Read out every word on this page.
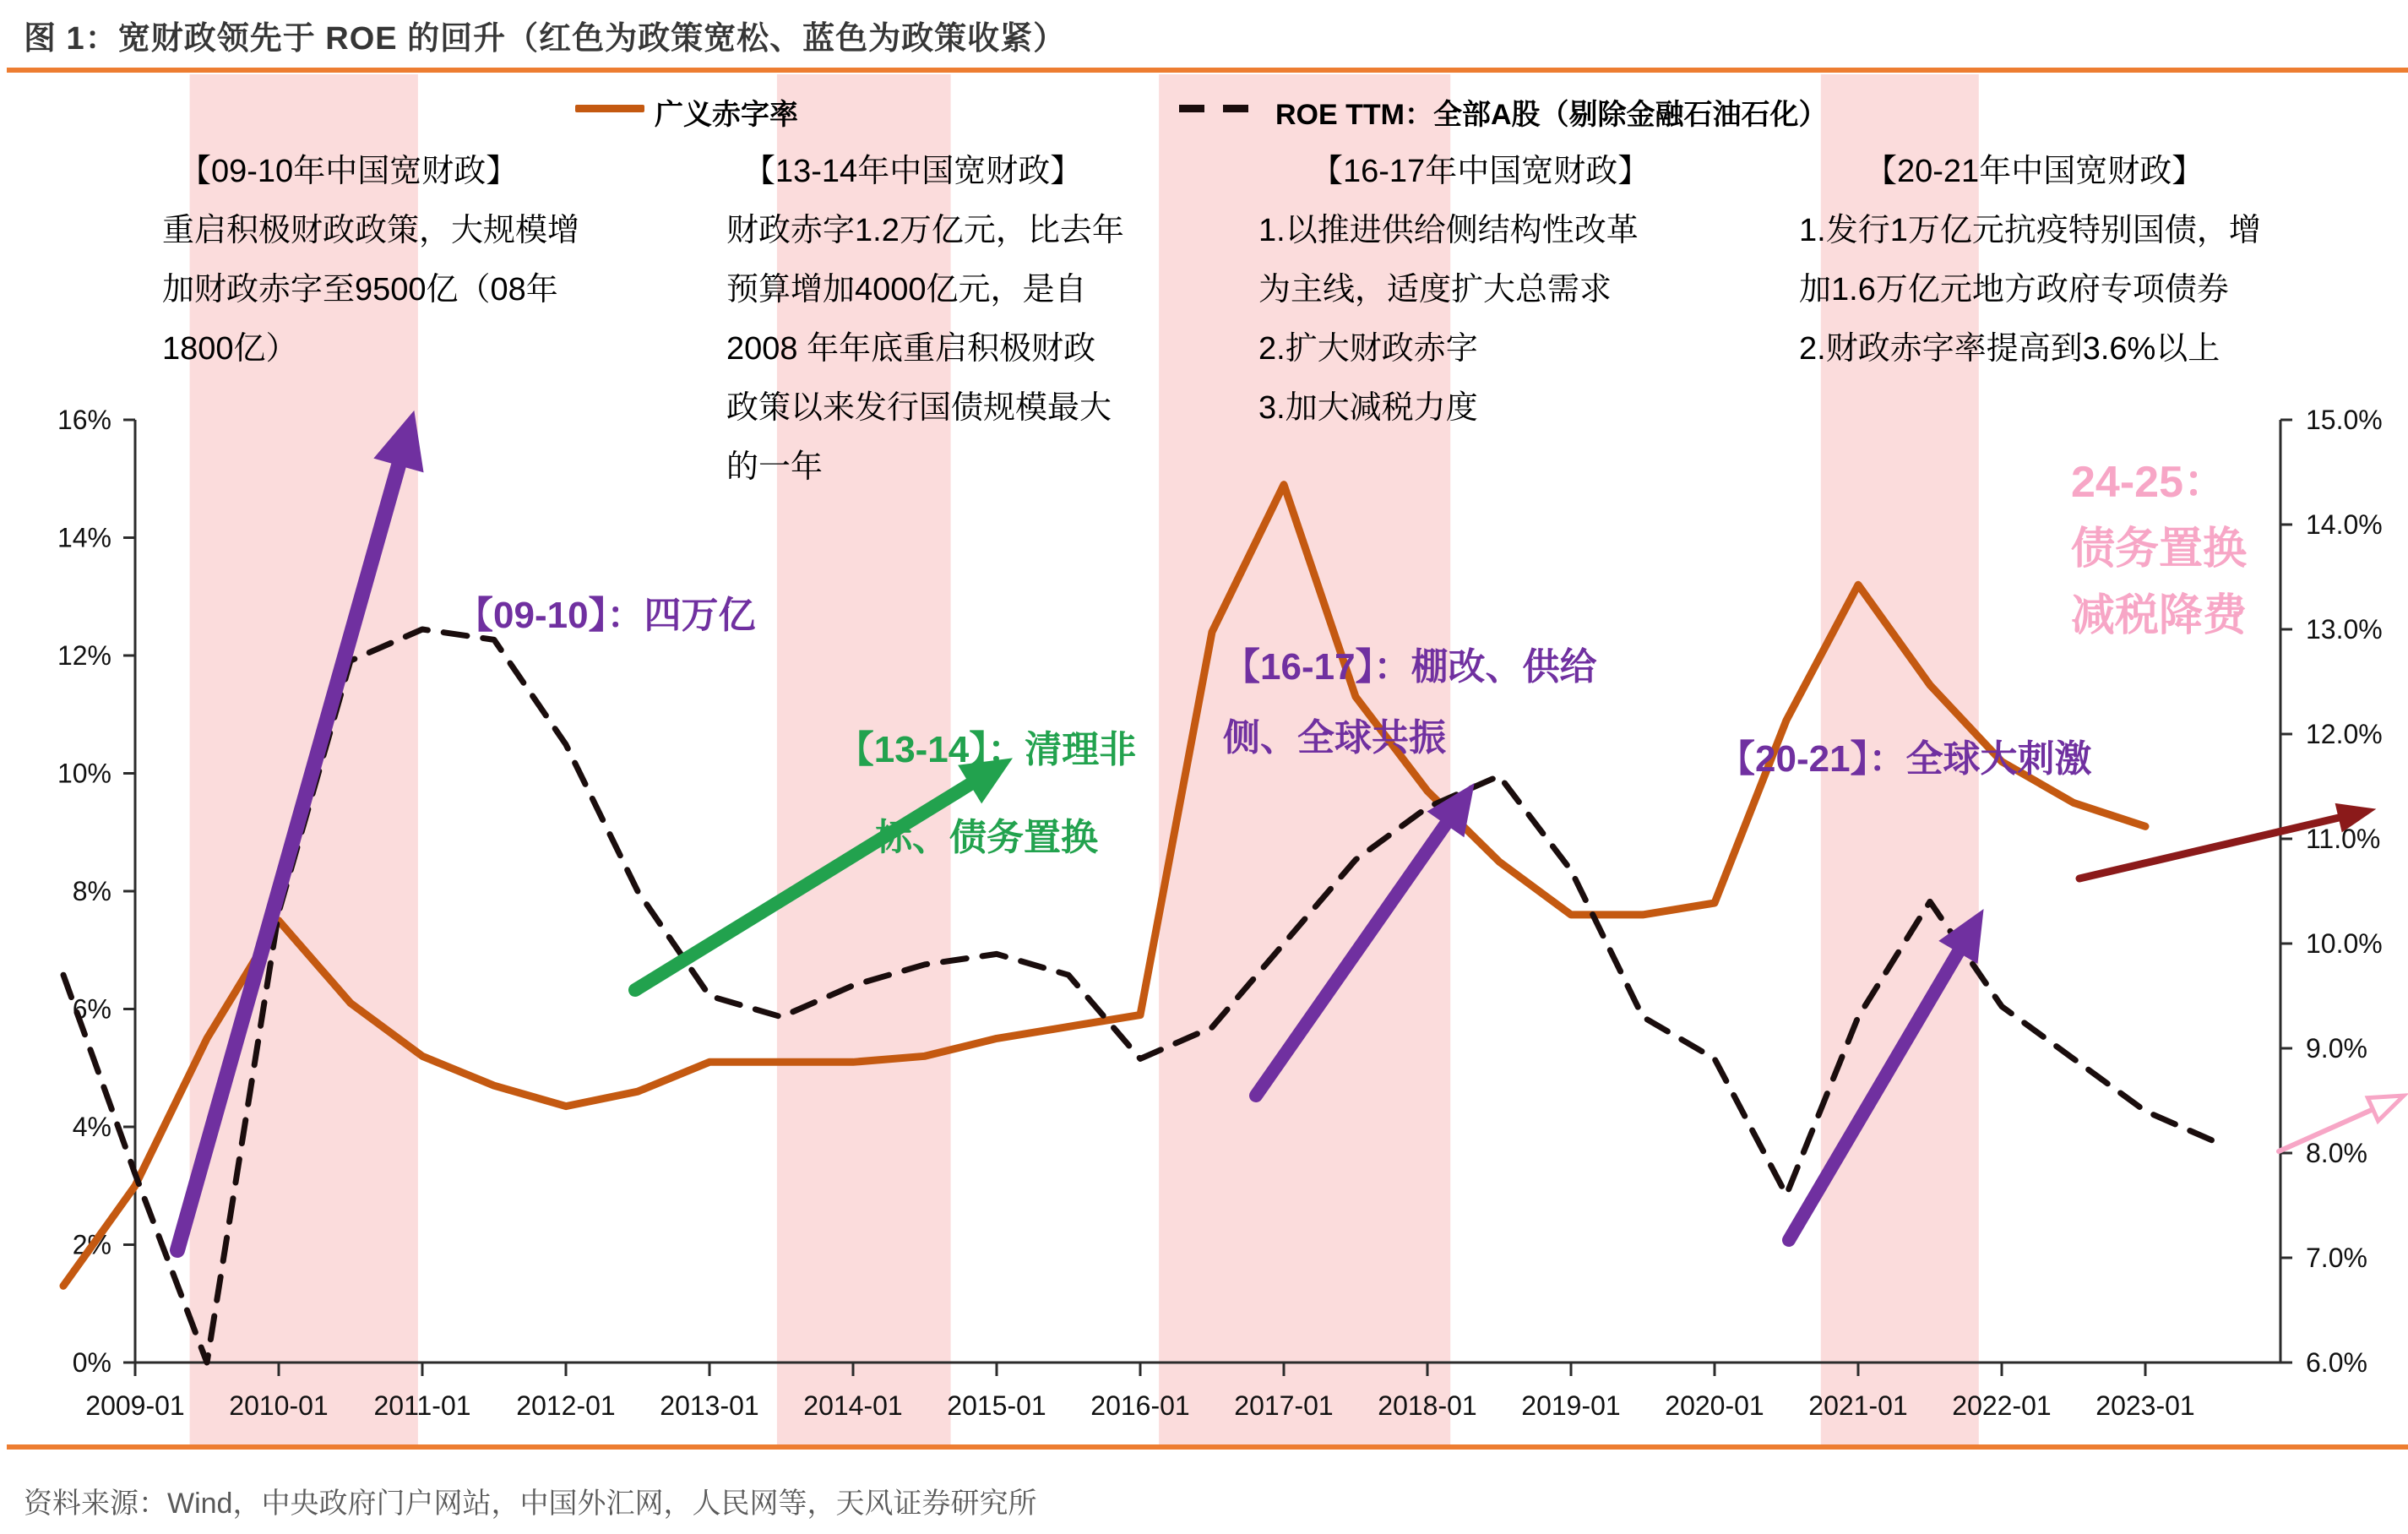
0%
2%
4%
6%
8%
10%
12%
14%
16%
6.0%
7.0%
8.0%
9.0%
10.0%
11.0%
12.0%
13.0%
14.0%
15.0%
2009-01 2010-01 2011-01 2012-01 2013-01 2014-01 2015-01 2016-01 2017-01 2018-01 2019-01 2020-01 2021-01 2022-01 2023-01
图 1：宽财政领先于 ROE 的回升（红色为政策宽松、蓝色为政策收紧）
广义赤字率	ROE TTM：全部A股（剔除金融石油石化）
【09-10年中国宽财政】
重启积极财政政策，大规模增
加财政赤字至9500亿（08年
1800亿）
【13-14年中国宽财政】
财政赤字1.2万亿元，比去年
预算增加4000亿元，是自
2008 年年底重启积极财政
政策以来发行国债规模最大
的一年
【16-17年中国宽财政】
1.以推进供给侧结构性改革
为主线，适度扩大总需求
2.扩大财政赤字
3.加大减税力度
【20-21年中国宽财政】
1.发行1万亿元抗疫特别国债，增
加1.6万亿元地方政府专项债券
2.财政赤字率提高到3.6%以上
【09-10】：四万亿
【13-14】：清理非
标、债务置换
【16-17】：棚改、供给
侧、全球共振
【20-21】：全球大刺激
24-25：
债务置换
减税降费
资料来源：Wind，中央政府门户网站，中国外汇网，人民网等，天风证券研究所
